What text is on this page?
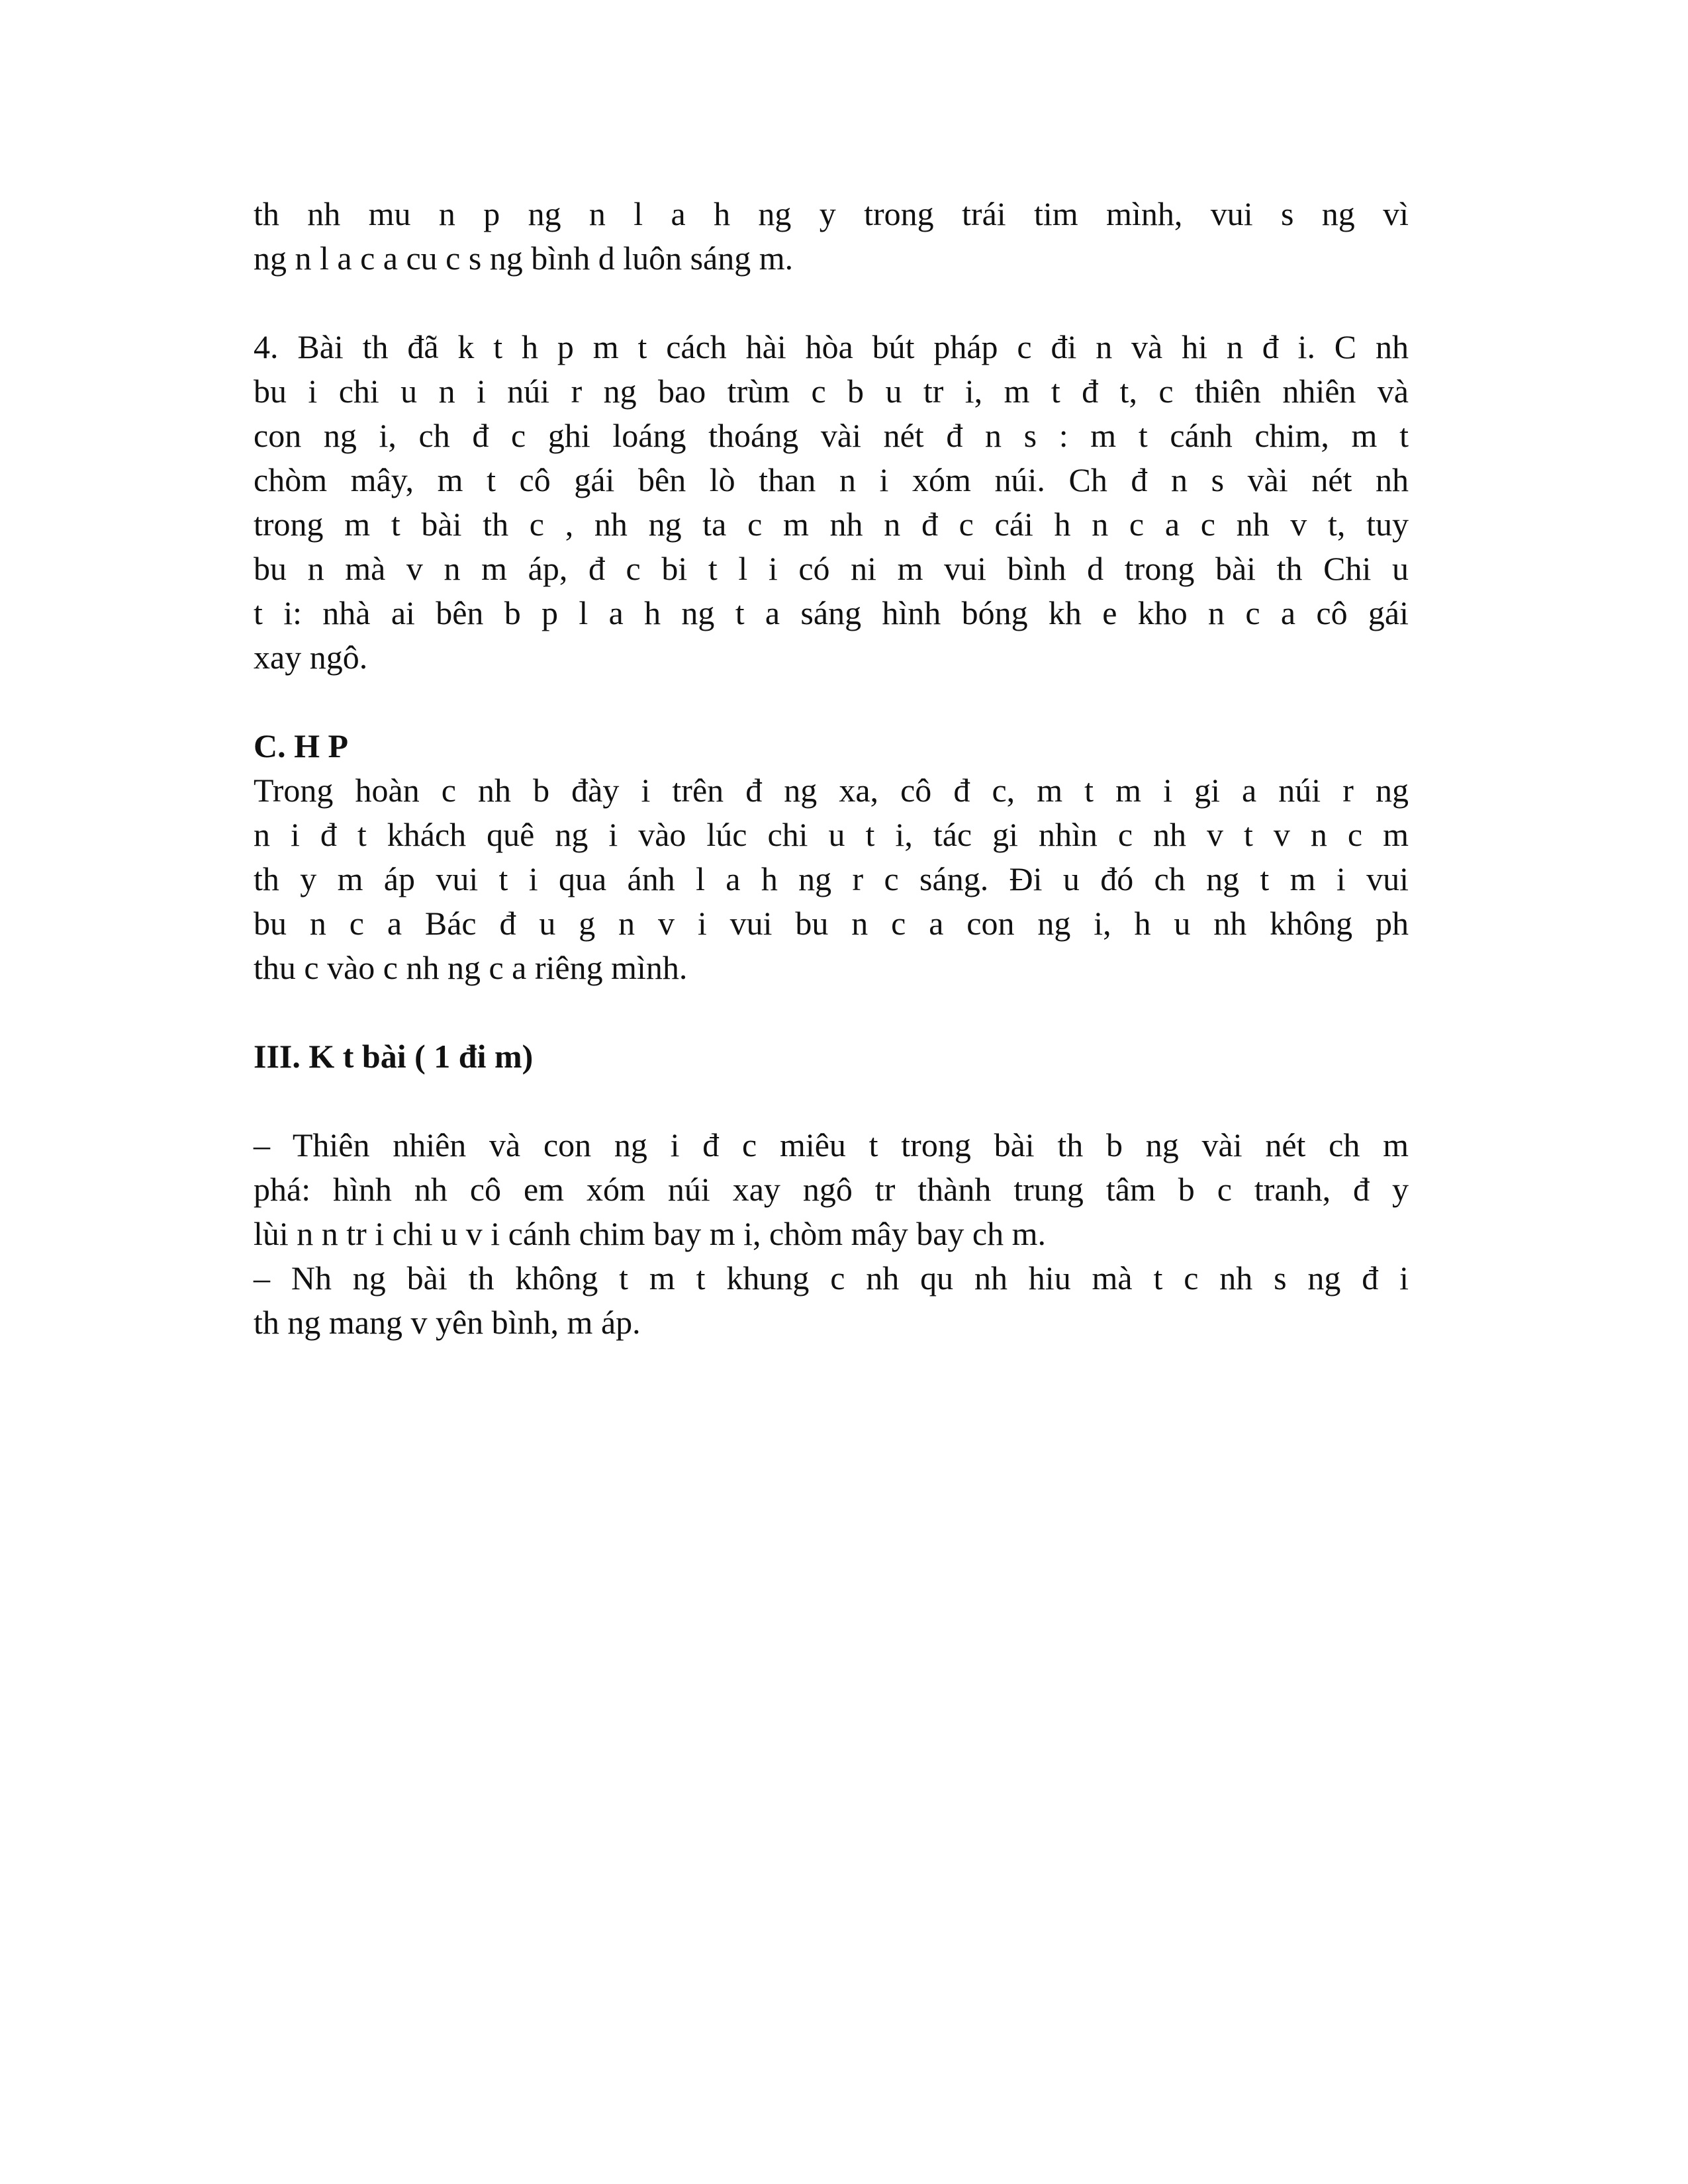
th nh mu n p ng n l a h ng y trong trái tim mình, vui s ng vì
ng n l a c a cu c s ng bình d luôn sáng m.
4. Bài th đã k t h p m t cách hài hòa bút pháp c đi n và hi n đ i. C nh
bu i chi u n i núi r ng bao trùm c b u tr i, m t đ t, c thiên nhiên và
con ng i, ch đ c ghi loáng thoáng vài nét đ n s : m t cánh chim, m t
chòm mây, m t cô gái bên lò than n i xóm núi. Ch đ n s vài nét nh
trong m t bài th c , nh ng ta c m nh n đ c cái h n c a c nh v t, tuy
bu n mà v n m áp, đ c bi t l i có ni m vui bình d trong bài th Chi u
t i: nhà ai bên b p l a h ng t a sáng hình bóng kh e kho n c a cô gái
xay ngô.
C. H P
Trong hoàn c nh b đày i trên đ ng xa, cô đ c, m t m i gi a núi r ng
n i đ t khách quê ng i vào lúc chi u t i, tác gi nhìn c nh v t v n c m
th y m áp vui t i qua ánh l a h ng r c sáng. Đi u đó ch ng t m i vui
bu n c a Bác đ u g n v i vui bu n c a con ng i, h u nh không ph
thu c vào c nh ng c a riêng mình.
III. K t bài ( 1 đi m)
– Thiên nhiên và con ng i đ c miêu t trong bài th b ng vài nét ch m
phá: hình nh cô em xóm núi xay ngô tr thành trung tâm b c tranh, đ y
lùi n n tr i chi u v i cánh chim bay m i, chòm mây bay ch m.
– Nh ng bài th không t m t khung c nh qu nh hiu mà t c nh s ng đ i
th ng mang v yên bình, m áp.
